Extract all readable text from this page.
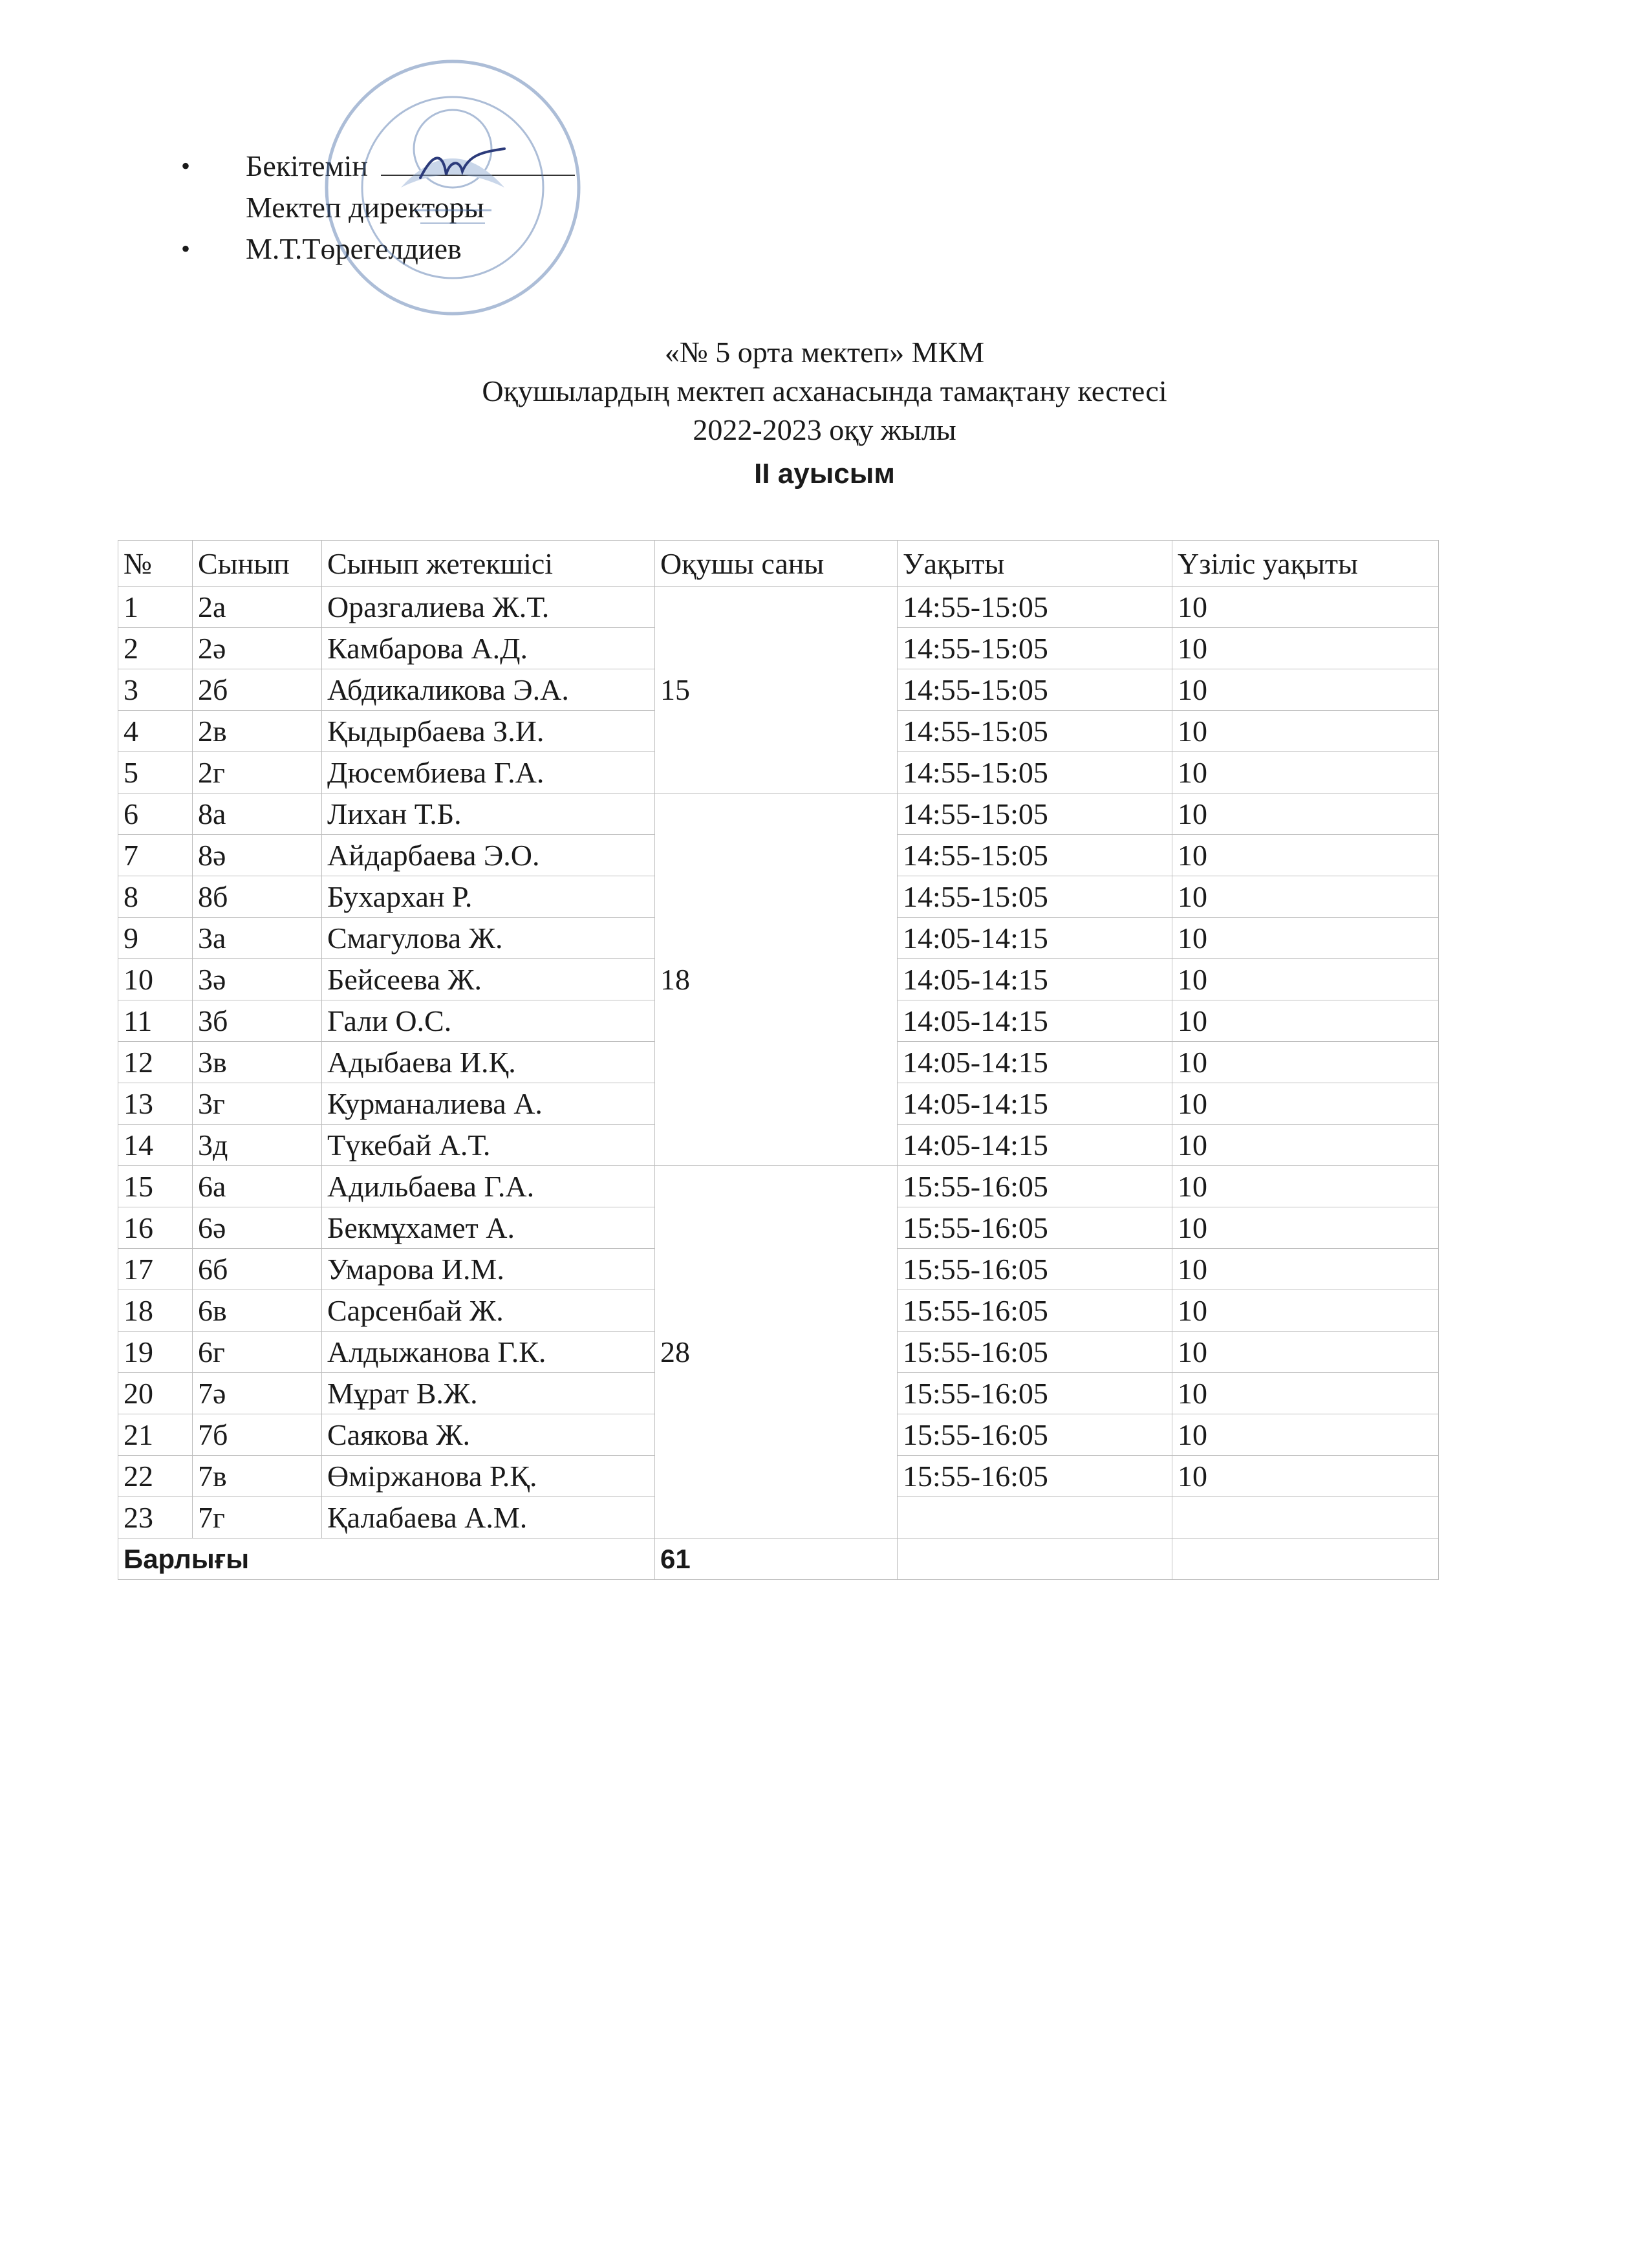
• Бекітемін
Мектеп директоры
• М.Т.Төрегелдиев
«№ 5 орта мектеп» МКМ
Оқушылардың мектеп асханасында тамақтану кестесі
2022-2023 оқу жылы
ІІ ауысым
№	Сынып	Сынып жетекшісі	Оқушы саны	Уақыты	Үзіліс уақыты
1	2а	Оразгалиева Ж.Т.	15	14:55-15:05	10
2	2ә	Камбарова А.Д.		14:55-15:05	10
3	2б	Абдикаликова Э.А.		14:55-15:05	10
4	2в	Қыдырбаева З.И.		14:55-15:05	10
5	2г	Дюсембиева Г.А.		14:55-15:05	10
6	8а	Лихан Т.Б.	18	14:55-15:05	10
7	8ә	Айдарбаева Э.О.		14:55-15:05	10
8	8б	Бухархан Р.		14:55-15:05	10
9	3а	Смагулова Ж.		14:05-14:15	10
10	3ә	Бейсеева Ж.		14:05-14:15	10
11	3б	Гали О.С.		14:05-14:15	10
12	3в	Адыбаева И.Қ.		14:05-14:15	10
13	3г	Курманалиева А.		14:05-14:15	10
14	3д	Түкебай А.Т.		14:05-14:15	10
15	6а	Адильбаева Г.А.	28	15:55-16:05	10
16	6ә	Бекмұхамет А.		15:55-16:05	10
17	6б	Умарова И.М.		15:55-16:05	10
18	6в	Сарсенбай Ж.		15:55-16:05	10
19	6г	Алдыжанова Г.К.		15:55-16:05	10
20	7ә	Мұрат В.Ж.		15:55-16:05	10
21	7б	Саякова Ж.		15:55-16:05	10
22	7в	Өміржанова Р.Қ.		15:55-16:05	10
23	7г	Қалабаева А.М.			
Барлығы			61		
